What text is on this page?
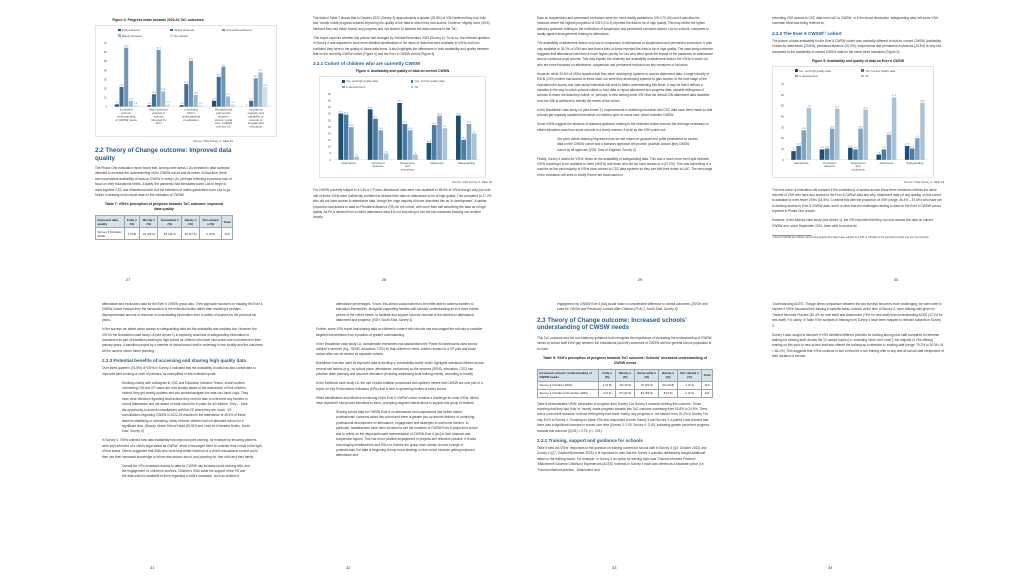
Figure 3: Progress made towards 2023-24 ToC outcomes
Fully achieved	Mostly achieved	Somewhat achieved
Barely achieved	Not started
0
10
20
30
40
50
60
70
2.4
21.6
64.8
6.4
1.6
Increased
schools'
understanding
of CWSW needs
1.6
13.6
62.4
16.8
2.4
More inclusive
practice in
schools
(directed by
SLT)
1.6
24.8
50.4
12.8
1.6
Increasing
CSC's
understanding
of education
6.4
32.8
44
11.2
2.4
Strengthened
partnership
between
school, social
care, CAMHS
and the VS
0
6.4
31.2
37.6
21.6
Increasing
capacity and
capability of
parents to
engage with
education
Source: VSH Survey 4, Table 51
2.2 Theory of Change outcome: Improved data quality

The Phase One evaluation report found that, among other areas, LAs invested in data collection intended to increase the understanding of the CWSW cohort and its needs. At that time, there was inconsistent availability of data on CWSW in many LAs, perhaps reflecting a previous lack of focus on their educational needs. Equally, the pandemic had stimulated some LAs to begin to draw together CSC and educational data, but the extension of duties galvanised more LAs to go further in seeking more robust data on the education of CWSW.

Table 7: VSH's perception of progress towards ToC outcome: Improved data quality
Improved data quality	Fully n (%)	Mostly n (%)	Somewhat n (%)	Barely n (%)	Not started n (%)	Total
Survey 3 (October 2022)	1 (0.8)	31 (25.0)	53 (44.2)	33 (27.5)	3 (2.5)	120
27

The data in Table 7 shows that in October 2022 (Survey 3) approximately a quarter (25.8%) of VSH believed they had 'fully' and 'mostly' made progress towards improving the quality of the data to which they had access. However, slightly more (30%) believed they had made 'barely' any progress and 'not started' to address the data outcome in the ToC.

This report explores whether this picture had changed by October/November 2023 (Survey 4). To do so, the relevant question in Survey 4 was adjusted to seek more detailed identification of the items of data that were available to VSHs and how confident they were in the quality of those data items. It also highlights the differences in both availability and quality between that on the currently CWSW cohort (Figure 4) and the Ever 6 CWSW cohort (Figure 5).

2.2.1 Cohort of children who are currently CWSW
Figure 4: Availability and quality of data on current CWSW
Yes, and high quality data	Yes, but low quality data
In development	No
0
5
10
15
20
25
30
35
40
45
50
35.2
34.4
24.8
2.4
Attendance
38.4
31.2
22.4
4.8
Persistent
absence
43.2
27.2
22.4
4
Suspension
and
exclusions
12.8
26.4
33.6
24
Attainment
33.6
15.2
27.2
20
Safeguarding
Source: VSH Survey 4, Table 52

For CWSW currently subject to a CIN or CP plan, attendance data were now available to 68.6% of VSHs though only just over half of these VSHs were sufficiently confident to declare their data on attendance to be of high quality. This compared to 27.2% who did not have access to attendance data, though the huge majority of those described this as 'in development'. A similar proportion had access to data on Persistent Absence (PA) for the cohort, with more than half describing the data as of high quality. As PA is derived from a child's attendance data it is not surprising to see the two measures tracking one another closely.

28

Data on suspensions and permanent exclusions were the most readily available to VSH (70.4%) and it was also the measure where the highest proportion of VSH (3 in 5) reported the data to be of high quality. This may reflect the tighter statutory guidance relating to the notification of suspension and permanent exclusion data to LAs by schools, compared to locally agreed arrangements relating to attendance.

The availability of attainment data is very low in comparison to attendance or suspensions and permanent exclusions. It was only available to 39.2% of VSH and less than a third of those reported the data to be of high quality. The case study evidence suggests that attendance has been a much higher priority for LAs who often quote the impact of the pandemic on attendance across numerous pupil cohorts. This may explain the relatively low availability of attainment data to the VSHs in most LAs who are more focussed on attendance, suspension and permanent exclusion as key measures of inclusion.

However, while 33.6% of VSHs reported that they were 'developing' systems to access attainment data, a large minority of VSHs (24%) neither had access to these data, nor were they developing systems to gain access. In the next stage of the evaluation the survey and case study interviews will seek to better understanding this issue. It may be that it reflects a variation in the way in which schools collect or hold data or report attainment and progress data, variable willingness of schools to share the data they collect, or, perhaps, a view among some VSH that the annual CIN attainment data available from the DfE is sufficient to identify the needs of the cohort.

In the Braddleton case study LA (see Annex 1), improvements in matching education and CSC data have been made so that schools get regularly updated information on children open to social care, which includes CWSW.

Some VSHs suggest the absence of statutory guidance relating to the extended duties reduces the leverage necessary to obtain education data from some schools in a timely manner, if at all as this VSH points out:

Our work needs statutory requirement as we are reliant on goodwill and polite persistence to access data on the CWSW cohort and a statutory approach will provide 'gravitas' around [the] CWSW cohort by all agencies [VSH, East of England, Survey 4]

Finally, Survey 4 asked for VSHs' views on the availability of safeguarding data. This was a much more even split between VSHs reporting it to be available to them (48.8%) and those who did not have access to it (47.2%). This was something of a surprise as the vast majority of VSHs have access to CSC data systems so they can fulfil their duties to LAC. The next stage of the evaluation will seek to clarify if there are local issues in

29

extending VSH access to CSC data from LAC to CWSW, or if the broad description 'safeguarding data' left some VSH uncertain what was being referred to.

2.2.2 The Ever 6 CWSW¹¹ cohort

The picture of data availability for the Ever 6 CWSW cohort was markedly different to that for current CWSW. Availability of data for attendance (20.8%), persistent absence (20.0%), suspensions and permanent exclusions (20.8%) is very low compared to the availability of current CWSW data for the same three indicators (Figure 5).

Figure 5: Availability and quality of data on Ever 6 CWSW
Yes, and high quality data	Yes, but low quality data
In development	No
0
10
20
30
40
50
60
70
8
12.8
27.2
48
Attendance
9.6 10.4
28.8
47.2
Persistent
absence
11.2
9.6
28.8
46.4
Suspension
and
exclusions
4.8
9.6
23.2
57.6
Attainment
12.8
10.4
20
52.8
Safeguarding
Source: VSH Survey 4, Table 53

The next wave of evaluation will consider if the consistency of access across these three measures reflects the same minority of VSH who have any access to the Ever 6 CWSW data and why. Attainment data (of any quality) on this cohort is available to even fewer VSHs (14.4%). Combine this with the proportion of VSH (range: 46.4% – 57.6%) who have yet to develop access to Ever 6 CWSW data, and it is clear that the challenges relating to data on the Ever 6 CWSW cohort reported in Phase One remain.

However, in the Alsbury case study (see Annex 1), the VSH reported that they can now access live data on current CWSW and, since September 2021, been able to access all

¹¹ Ever 6 CWSW are children and young people who have been subject to a CIN or CP plan in the previous 6 years, but are not currently.
30

attendance and exclusions data for the Ever 6 CWSW group also. Their approach focusses on tracking the Ever 6 CWSW cohort forward from the introduction of the extended duties rather than investing a perhaps disproportionate amount of resource in consolidating information from a variety of sources for the previous six years.

In the surveys we asked about access to safeguarding data but the availability was similarly low. However, the VSH in the Braddleton case study LA (see Annex 1) is exploring what kind of safeguarding information is considered as part of transition planning to high school for children who have had social care involvement in their primary years. A transition project by a member of virtual school staff is underway in one locality and the outcomes will be used to inform future planning.

2.2.3 Potential benefits of accessing and sharing high quality data

Over three-quarters (76.5%) of VSHs in Survey 4 indicated that the availability of data has also contributed to improved joint working or work of partners, as exemplified in this extended quote:

Working closely with colleagues in CSC and Education Inclusion Teams, social workers overseeing CIN and CP cases are now acutely aware of the attendance of their children. Indeed, they get weekly updates and can access/navigate live data via Liquid Logic. They have clear direction regarding what actions they need to take to overcome any barriers to school attendance and are aware of what should be in place for all children. They ... have the opportunity to access consultations with the VS where they are 'stuck'. VS consultations regarding CWSW in 2022-23 resulted in the attendance of 45.5% of these learners stabilising or increasing. Many of these children had not attended school for a significant time. [Deputy Virtual School Head (DVSH) and Lead for Extended Duties, South East, Survey 4]

In Survey 4, VSHs outlined how data availability has improved joint working, for example by ensuring partners were kept informed of a child's legal status as CWSW, which encouraged them to consider their needs in the light of that status. Others suggested that SWs who were kept better informed of a child's educational context could then use their increased knowledge to inform discussions about, and planning for, that child and their family.

Overall the VS's increased access to data for CWSW has increased joint working with, and the engagement of, children's services. Children's SWs value the support of the VS and the data which is available to them regarding a child's education, such as children's

31

attendance percentages. In turn, this allows social workers to be better able to address barriers to education themselves, alongside supporting families with schools' understanding as to a more holistic picture of the child's needs, to facilitate and support schools' removal of the barriers to attendance, attainment and progress. [VSH, South East, Survey 4]

Further, some VSH report that sharing data on children's context with schools has encouraged the schools to consider targeted interventions from a position of greater understanding.

In the Braddleton case study LA, considerable investment has standardised the Power BI dashboards used across children's services (e.g., SEND, education, CSC) so that children in need, children subject to a CP plan and those looked after can be viewed as separate cohorts.

Braddleton has also used its improved data to develop a 'vulnerability matrix' which highlights individual children across several risk factors (e.g., no school place, attendance, exclusions) so the services (SEND, education, CSC) can prioritise team planning and resource allocation (including addressing local training needs), according to locality.

In the Keldbeck case study LA, the use of data collation procedures and systems means that CWSW are now part of a report on Key Performance Indicators (KPIs) that is sent to governing bodies of every school.

While identification and effective monitoring of the Ever 6 CWSW cohort remains a challenge for most VSHs, others have reported it had proved beneficial to them, prompting targeted interventions to support this group of children.

Sharing school data for CWSW Ever 6 on attendance and suspensions has further raised professionals' concerns about this cohort and there is greater join-up around delivery of continuing professional development on attendance, engagement and strategies to overcome barriers. In particular, headteachers have been shocked to see the numbers of CWSW Ever 6 [sic]in their school and to reflect on the disproportionate representation of CWSW Ever 6 [sic] in their absence and suspension figures. This has led to positive engagement in projects and reflective practice. It is also encouraging headteachers and DSLs to monitor the group more closely. Across a range of professionals, the data is beginning to help focus strategy on this cohort because getting improved attendance and

32

engagement by CWSW Ever 6 [sic] would make a considerable difference to overall outcomes. [DVSH and Lead for CWSW and Previously Looked After Children (PLAC), South East, Survey 4]

2.3 Theory of Change outcome: Increased schools' understanding of CWSW needs

This ToC outcome and the non-statutory guidance both recognise the importance of increasing the understanding of CWSW needs by school staff if the gap between the educational (and life) outcomes of CWSW and the general school population is to close.

Table 8: VSH's perception of progress towards ToC outcome: Schools' increased understanding of CWSW needs
Increased schools' understanding of CWSW needs	Fully n (%)	Mostly n (%)	Some-what n (%)	Barely n (%)	Not started n (%)	Total
Survey 3 (October 2022)	1 (0.8)	19 (16.0)	76 (63.0)	20 (16.8)	4 (3.4)	119
Survey 4 (October/ November 2023)	3 (2.5)	27 (22.3)	81 (66.9)	8 (6.6)	2 (1.6)	121

Table 8 demonstrates VSHs' perception of progress from Survey 3 to Survey 4 towards meeting this outcome. Those reporting that they had 'fully' or 'mostly' made progress towards this ToC outcome increasing from 16.8% to 24.8%. There was a concurrent reduction in those feeling they had made 'barely' any progress or 'not started' from 20.2% in Survey 3 to only 8.0% in Survey 4. Focusing on those VSs who responded to both Survey 3 and Survey 4, a paired t-test showed that there was a significant increase in scores over time (Survey 3: 2.90, Survey 4: 3.19), indicating greater perceived progress towards this outcome (t(103) = 3.75, p < .001).

2.3.1 Training, support and guidance for schools

Table 9 sets out VSHs' responses to the question on training content for school staff in Survey 3 (Q3, October 2022) and Survey 4 (Q7, October/November 2023). It is important to note that the Survey 4 question deliberately sought additional detail on the training topics. For example, in Survey 3 an option for training topic was 'Trauma Informed Practice'/ 'Attachment'/ Adverse Childhood Experiences (ACES)' whereas in Survey 4 each was offered as a separate option (i.e. 'Trauma informed practice', 'Attachment' and

33

'Understanding ACES'. Though direct comparison between the two surveys becomes more challenging, we were keen to explore if VSHs focussed their training in specific areas. Indeed, at the time of Survey 4, more training was given on Trauma Informed Practice (82.4% for new staff) and Attachment (76% for new staff) than understanding ACES (47.2% for new staff). For clarity, in Table 9 the subjects of training from Survey 4 have been mapped to relevant subjects in Survey 3.

Survey 4 also sought to discover if VSH identified different priorities for training among new staff compared to refresher training for existing staff. Across the 12 named topics (i.e. excluding 'other' and 'none'), the majority of VSs offering training on this topic to new school staff also offered the training as a refresher to existing staff (range: 79.2% to 90.5%, M = 84.2%). This suggests that VSHs continue to see a need for a rich training offer to any and all school staff irrespective of their duration of service.

34
